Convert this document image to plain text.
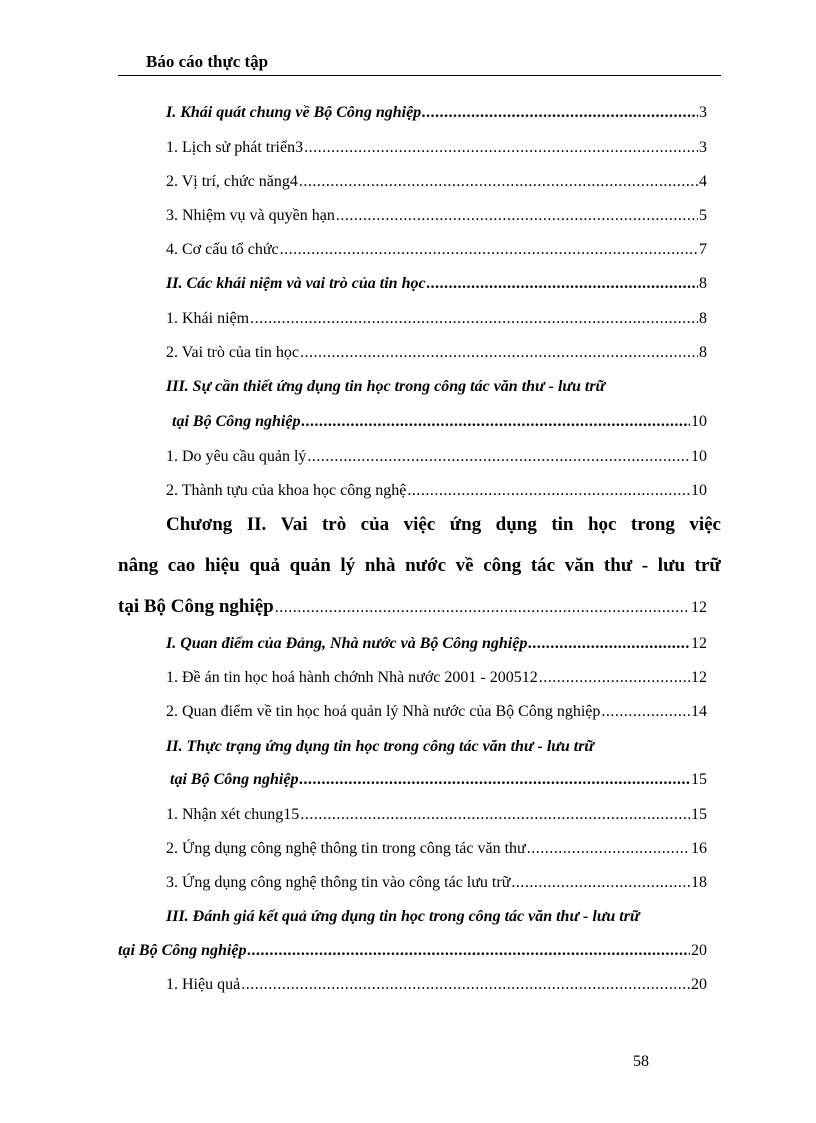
Báo cáo thực tập
I. Khái quát chung về Bộ Công nghiệp .....	3
1. Lịch sử phát triển3 .....	3
2. Vị trí, chức năng4 .....	4
3. Nhiệm vụ và quyền hạn .....	5
4. Cơ cấu tổ chức .....	7
II. Các khái niệm và vai trò của tin học .....	8
1. Khái niệm .....	8
2. Vai trò của tin học .....	8
III. Sự cần thiết ứng dụng tin học trong công tác văn thư - lưu trữ
tại Bộ Công nghiệp .....	10
1. Do yêu cầu quản lý .....	10
2. Thành tựu của khoa học công nghệ .....	10
Chương II. Vai trò của việc ứng dụng tin học trong việc
nâng cao hiệu quả quản lý nhà nước về công tác văn thư - lưu trữ
tại Bộ Công nghiệp .....	12
I. Quan điểm của Đảng, Nhà nước và Bộ Công nghiệp .....	12
1. Đề án tin học hoá hành chớnh Nhà nước 2001 - 200512 .....	12
2. Quan điểm về tin học hoá quản lý Nhà nước của Bộ Công nghiệp .....	14
II. Thực trạng ứng dụng tin học trong công tác văn thư - lưu trữ
tại Bộ Công nghiệp .....	15
1. Nhận xét chung15 .....	15
2. Ứng dụng công nghệ thông tin trong công tác văn thư .....	16
3. Ứng dụng công nghệ thông tin vào công tác lưu trữ .....	18
III. Đánh giá kết quả ứng dụng tin học trong công tác văn thư - lưu trữ
tại Bộ Công nghiệp .....	20
1. Hiệu quả .....	20
58
